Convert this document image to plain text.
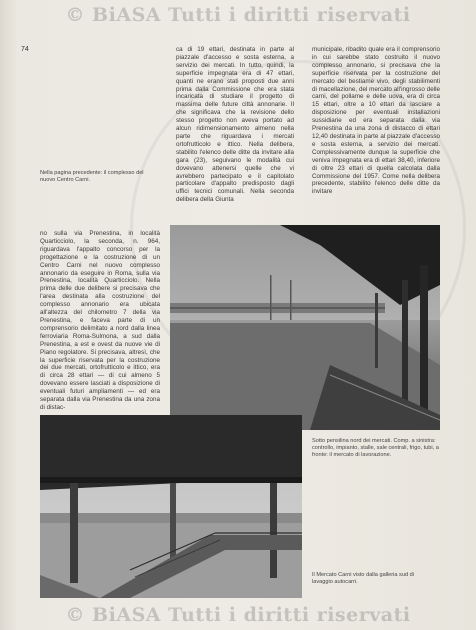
© BiASA Tutti i diritti riservati
74
Nella pagina precedente: il complesso del nuovo Centro Carni.

ca di 19 ettari, destinata in parte al piazzale d'accesso e sosta esterna, a servizio dei mercati. In tutto, quindi, la superficie impegnata era di 47 ettari, quanti ne erano stati proposti due anni prima dalla Commissione che era stata incaricata di studiare il progetto di massima delle future città annonarie. Il che significava che la revisione dello stesso progetto non aveva portato ad alcun ridimensionamento almeno nella parte che riguardava i mercati ortofrutticolo e ittico. Nella delibera, stabilito l'elenco delle ditte da invitare alla gara (23), seguivano le modalità cui dovevano attenersi quelle che vi avrebbero partecipato e il capitolato particolare d'appalto predisposto dagli uffici tecnici comunali. Nella seconda delibera della Giunta

municipale, ribadito quale era il comprensorio in cui sarebbe stato costruito il nuovo complesso annonario, si precisava che la superficie riservata per la costruzione del mercato del bestiame vivo, degli stabilimenti di macellazione, del mercato all'ingrosso delle carni, del pollame e delle uova, era di circa 15 ettari, oltre a 10 ettari da lasciare a disposizione per eventuali installazioni sussidiarie ed era separata dalla via Prenestina da una zona di distacco di ettari 12,40 destinata in parte al piazzale d'accesso e sosta esterna, a servizio dei mercati. Complessivamente dunque la superficie che veniva impegnata era di ettari 38,40, inferiore di oltre 23 ettari di quella calcolata dalla Commissione del 1957. Come nella delibera precedente, stabilito l'elenco delle ditte da invitare

no sulla via Prenestina, in località Quarticciolo, la seconda, n. 964, riguardava l'appalto concorso per la progettazione e la costruzione di un Centro Carni nel nuovo complesso annonario da eseguire in Roma, sulla via Prenestina, località Quarticciolo. Nella prima delle due delibere si precisava che l'area destinata alla costruzione del complesso annonario era ubicata all'altezza del chilometro 7 della via Prenestina, e faceva parte di un comprensorio delimitato a nord dalla linea ferroviaria Roma-Sulmona, a sud dalla Prenestina, a est e ovest da nuove vie di Piano regolatore. Si precisava, altresì, che la superficie riservata per la costruzione dei due mercati, ortofrutticolo e ittico, era di circa 28 ettari — di cui almeno 5 dovevano essere lasciati a disposizione di eventuali futuri ampliamenti — ed era separata dalla via Prenestina da una zona di distac-

Sotto pensilina nord dei mercati. Comp. a sinistra: controllo, impianto, stalle, sale centrali, frigo, tubi, a fronte: il mercato di lavorazione.
Il Mercato Carni visto dalla galleria sud di lavaggio autocarri.
© BiASA Tutti i diritti riservati
